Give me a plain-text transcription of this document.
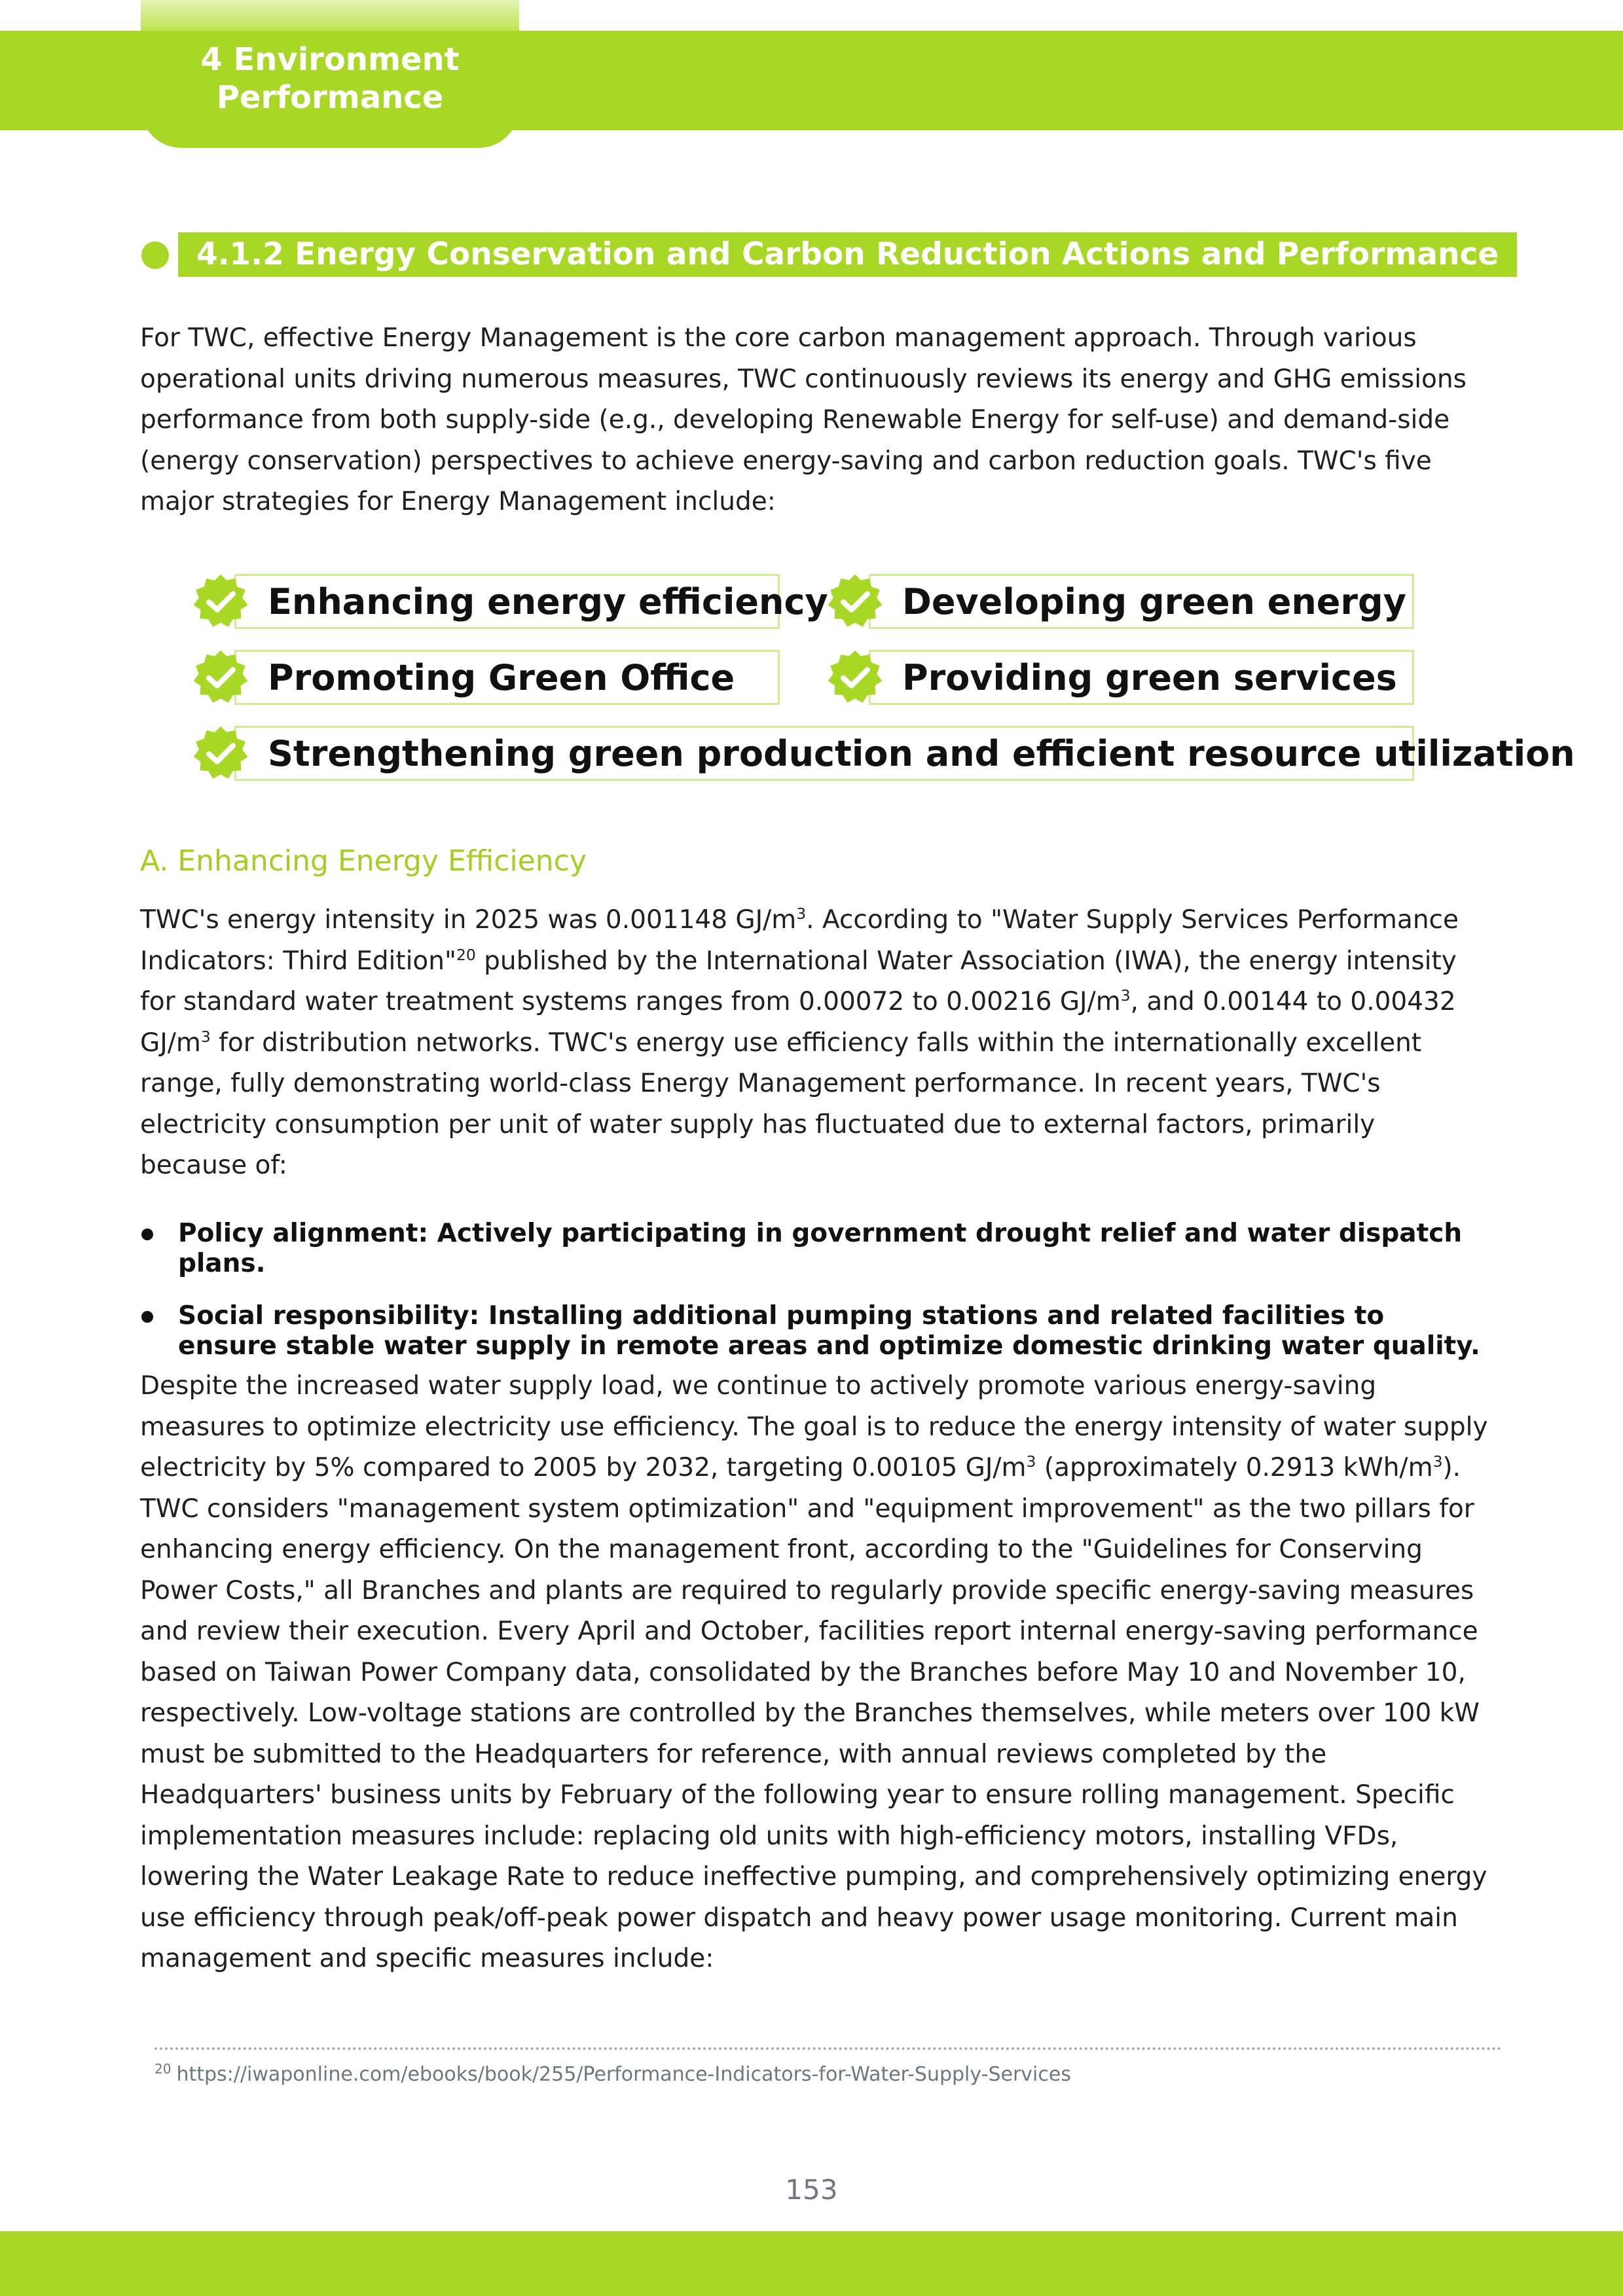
4 Environment
Performance
4.1.2 Energy Conservation and Carbon Reduction Actions and Performance

For TWC, effective Energy Management is the core carbon management approach. Through various operational units driving numerous measures, TWC continuously reviews its energy and GHG emissions performance from both supply-side (e.g., developing Renewable Energy for self-use) and demand-side (energy conservation) perspectives to achieve energy-saving and carbon reduction goals. TWC's five major strategies for Energy Management include:

Enhancing energy efficiency Developing green energy
Promoting Green Office	Providing green services
Strengthening green production and efficient resource utilization
A. Enhancing Energy Efficiency

TWC's energy intensity in 2025 was 0.001148 $GJ/m^3$. According to "Water Supply Services Performance Indicators: Third Edition"$^{20}$ published by the International Water Association (IWA), the energy intensity for standard water treatment systems ranges from 0.00072 to 0.00216 $GJ/m^3$, and 0.00144 to 0.00432 $GJ/m^3$ for distribution networks. TWC's energy use efficiency falls within the internationally excellent range, fully demonstrating world-class Energy Management performance. In recent years, TWC's electricity consumption per unit of water supply has fluctuated due to external factors, primarily because of:

Policy alignment: Actively participating in government drought relief and water dispatch plans.
Social responsibility: Installing additional pumping stations and related facilities to ensure stable water supply in remote areas and optimize domestic drinking water quality.

Despite the increased water supply load, we continue to actively promote various energy-saving measures to optimize electricity use efficiency. The goal is to reduce the energy intensity of water supply electricity by 5% compared to 2005 by 2032, targeting 0.00105 $GJ/m^3$ (approximately 0.2913 kWh/$m^3$). TWC considers "management system optimization" and "equipment improvement" as the two pillars for enhancing energy efficiency. On the management front, according to the "Guidelines for Conserving Power Costs," all Branches and plants are required to regularly provide specific energy-saving measures and review their execution. Every April and October, facilities report internal energy-saving performance based on Taiwan Power Company data, consolidated by the Branches before May 10 and November 10, respectively. Low-voltage stations are controlled by the Branches themselves, while meters over 100 kW must be submitted to the Headquarters for reference, with annual reviews completed by the Headquarters' business units by February of the following year to ensure rolling management. Specific implementation measures include: replacing old units with high-efficiency motors, installing VFDs, lowering the Water Leakage Rate to reduce ineffective pumping, and comprehensively optimizing energy use efficiency through peak/off-peak power dispatch and heavy power usage monitoring. Current main management and specific measures include:

$^{20}$ https://iwaponline.com/ebooks/book/255/Performance-Indicators-for-Water-Supply-Services
153
